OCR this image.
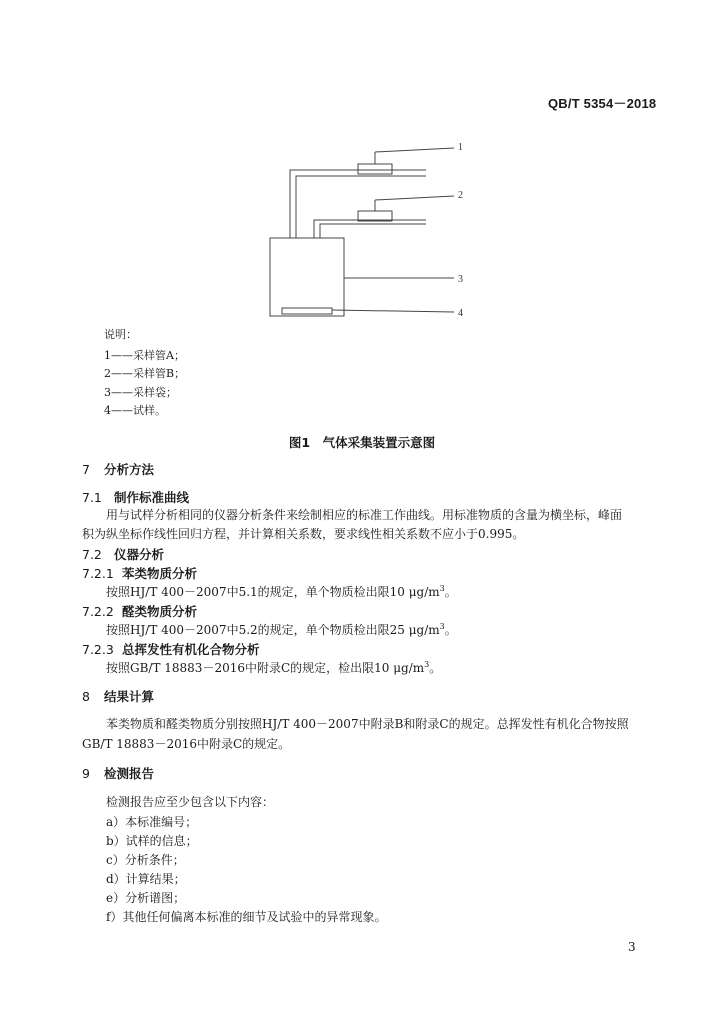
QB/T 5354－2018
1
2
3
4
说明：
1——采样管A；
2——采样管B；
3——采样袋；
4——试样。
图1　气体采集装置示意图
7 分析方法
7.1 制作标准曲线
用与试样分析相同的仪器分析条件来绘制相应的标准工作曲线。用标准物质的含量为横坐标，峰面
积为纵坐标作线性回归方程，并计算相关系数，要求线性相关系数不应小于0.995。
7.2 仪器分析
7.2.1 苯类物质分析
按照HJ/T 400－2007中5.1的规定，单个物质检出限10 $\mu g/m^3$。
7.2.2 醛类物质分析
按照HJ/T 400－2007中5.2的规定，单个物质检出限25 $\mu g/m^3$。
7.2.3 总挥发性有机化合物分析
按照GB/T 18883－2016中附录C的规定，检出限10 $\mu g/m^3$。
8 结果计算
苯类物质和醛类物质分别按照HJ/T 400－2007中附录B和附录C的规定。总挥发性有机化合物按照
GB/T 18883－2016中附录C的规定。
9 检测报告
检测报告应至少包含以下内容：
a）本标准编号；
b）试样的信息；
c）分析条件；
d）计算结果；
e）分析谱图；
f）其他任何偏离本标准的细节及试验中的异常现象。
3
